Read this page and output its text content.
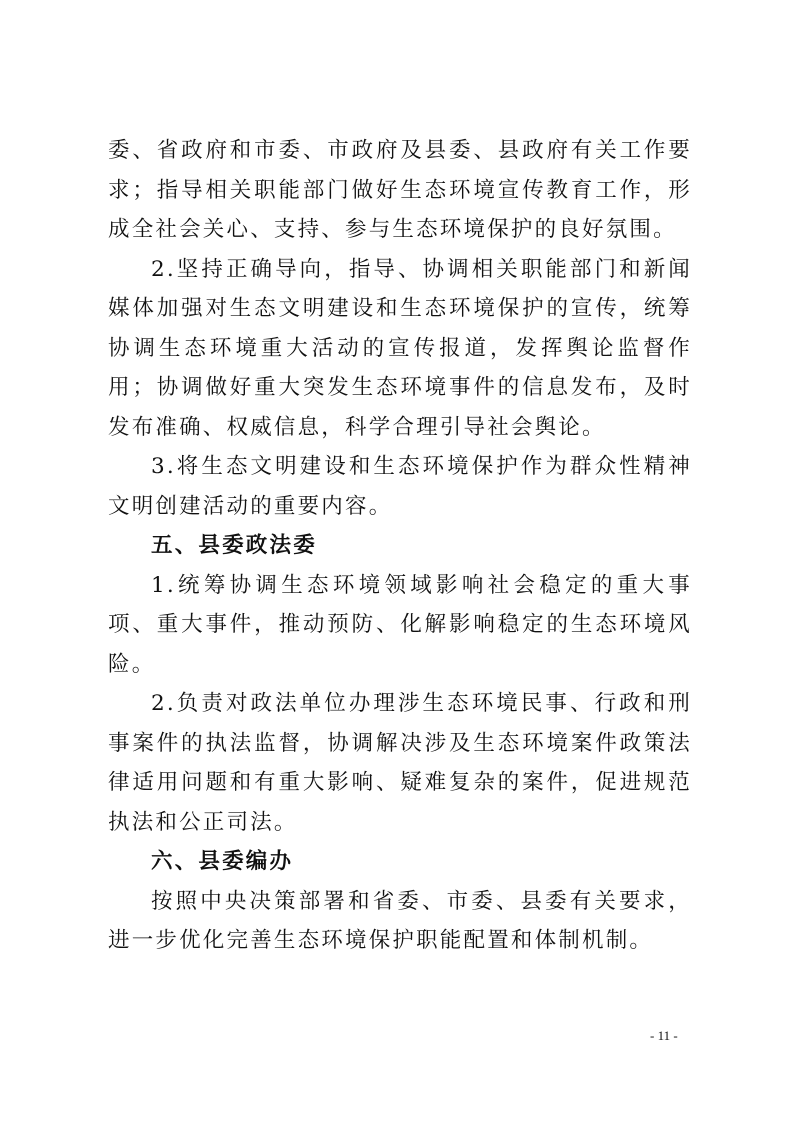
委、省政府和市委、市政府及县委、县政府有关工作要求；指导相关职能部门做好生态环境宣传教育工作，形成全社会关心、支持、参与生态环境保护的良好氛围。

2.坚持正确导向，指导、协调相关职能部门和新闻媒体加强对生态文明建设和生态环境保护的宣传，统筹协调生态环境重大活动的宣传报道，发挥舆论监督作用；协调做好重大突发生态环境事件的信息发布，及时发布准确、权威信息，科学合理引导社会舆论。

3.将生态文明建设和生态环境保护作为群众性精神文明创建活动的重要内容。

五、县委政法委

1.统筹协调生态环境领域影响社会稳定的重大事项、重大事件，推动预防、化解影响稳定的生态环境风险。

2.负责对政法单位办理涉生态环境民事、行政和刑事案件的执法监督，协调解决涉及生态环境案件政策法律适用问题和有重大影响、疑难复杂的案件，促进规范执法和公正司法。

六、县委编办

按照中央决策部署和省委、市委、县委有关要求，进一步优化完善生态环境保护职能配置和体制机制。

- 11 -
